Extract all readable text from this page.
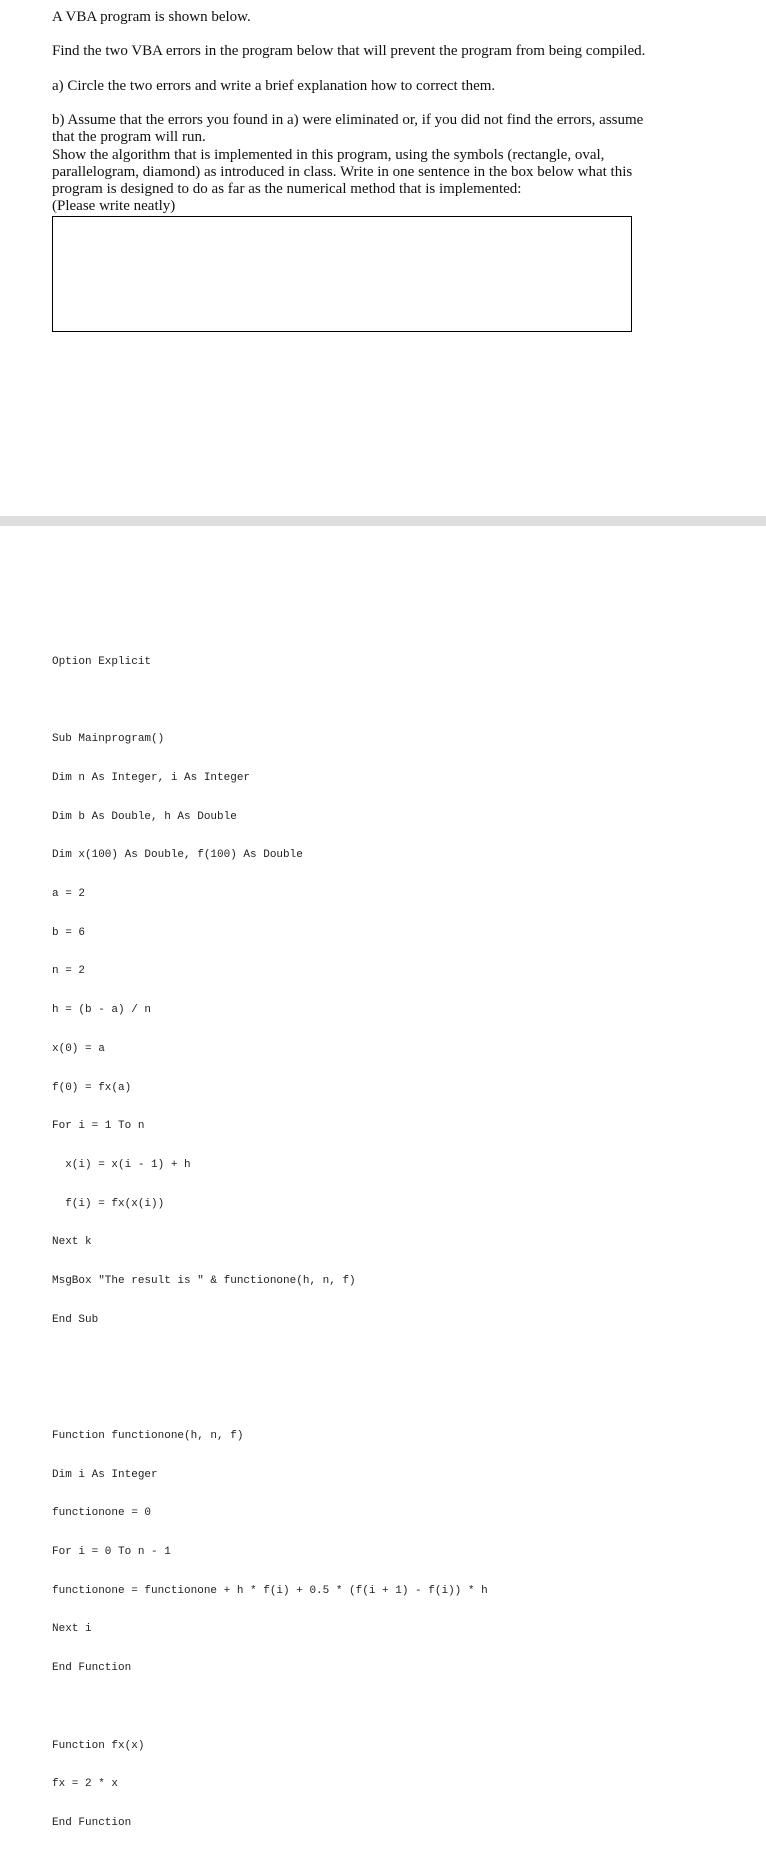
A VBA program is shown below.

Find the two VBA errors in the program below that will prevent the program from being compiled.

a) Circle the two errors and write a brief explanation how to correct them.

b) Assume that the errors you found in a) were eliminated or, if you did not find the errors, assume
that the program will run.
Show the algorithm that is implemented in this program, using the symbols (rectangle, oval,
parallelogram, diamond) as introduced in class. Write in one sentence in the box below what this
program is designed to do as far as the numerical method that is implemented:
(Please write neatly)

Option Explicit

Sub Mainprogram()

Dim n As Integer, i As Integer

Dim b As Double, h As Double

Dim x(100) As Double, f(100) As Double

a = 2

b = 6

n = 2

h = (b - a) / n

x(0) = a

f(0) = fx(a)

For i = 1 To n

x(i) = x(i - 1) + h

f(i) = fx(x(i))

Next k

MsgBox "The result is " & functionone(h, n, f)

End Sub

Function functionone(h, n, f)

Dim i As Integer

functionone = 0

For i = 0 To n - 1

functionone = functionone + h * f(i) + 0.5 * (f(i + 1) - f(i)) * h

Next i

End Function

Function fx(x)

fx = 2 * x

End Function
